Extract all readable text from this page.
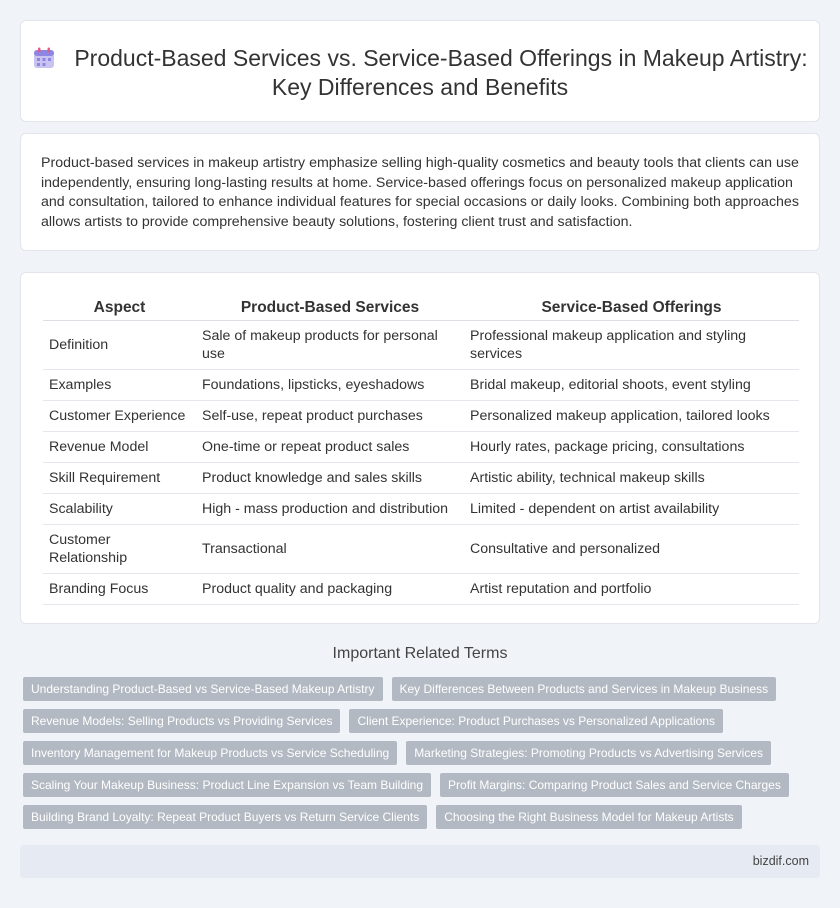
Product-Based Services vs. Service-Based Offerings in Makeup Artistry: Key Differences and Benefits

Product-based services in makeup artistry emphasize selling high-quality cosmetics and beauty tools that clients can use independently, ensuring long-lasting results at home. Service-based offerings focus on personalized makeup application and consultation, tailored to enhance individual features for special occasions or daily looks. Combining both approaches allows artists to provide comprehensive beauty solutions, fostering client trust and satisfaction.

Aspect	Product-Based Services	Service-Based Offerings
Definition	Sale of makeup products for personal use	Professional makeup application and styling services
Examples	Foundations, lipsticks, eyeshadows	Bridal makeup, editorial shoots, event styling
Customer Experience	Self-use, repeat product purchases	Personalized makeup application, tailored looks
Revenue Model	One-time or repeat product sales	Hourly rates, package pricing, consultations
Skill Requirement	Product knowledge and sales skills	Artistic ability, technical makeup skills
Scalability	High - mass production and distribution	Limited - dependent on artist availability
Customer Relationship	Transactional	Consultative and personalized
Branding Focus	Product quality and packaging	Artist reputation and portfolio
Important Related Terms
Understanding Product-Based vs Service-Based Makeup Artistry	Key Differences Between Products and Services in Makeup Business
Revenue Models: Selling Products vs Providing Services	Client Experience: Product Purchases vs Personalized Applications
Inventory Management for Makeup Products vs Service Scheduling	Marketing Strategies: Promoting Products vs Advertising Services
Scaling Your Makeup Business: Product Line Expansion vs Team Building	Profit Margins: Comparing Product Sales and Service Charges
Building Brand Loyalty: Repeat Product Buyers vs Return Service Clients	Choosing the Right Business Model for Makeup Artists
bizdif.com
